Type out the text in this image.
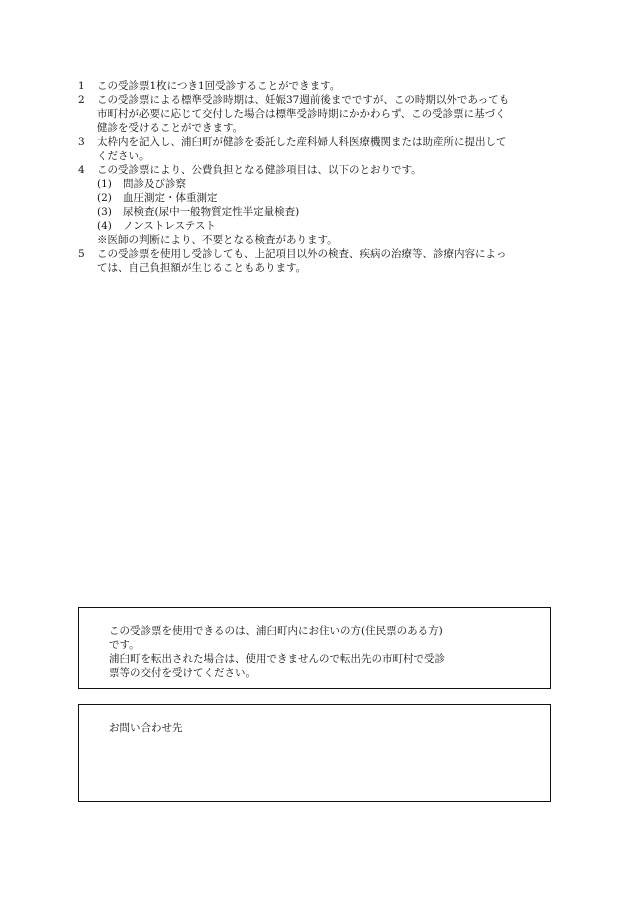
1	この受診票1枚につき1回受診することができます。
2	この受診票による標準受診時期は、妊娠37週前後までですが、この時期以外であっても
市町村が必要に応じて交付した場合は標準受診時期にかかわらず、この受診票に基づく
健診を受けることができます。
3	太枠内を記入し、浦臼町が健診を委託した産科婦人科医療機関または助産所に提出して
ください。
4	この受診票により、公費負担となる健診項目は、以下のとおりです。
(1)	問診及び診察
(2)	血圧測定・体重測定
(3)	尿検査(尿中一般物質定性半定量検査)
(4)	ノンストレステスト
※医師の判断により、不要となる検査があります。
5	この受診票を使用し受診しても、上記項目以外の検査、疾病の治療等、診療内容によっ
ては、自己負担額が生じることもあります。
この受診票を使用できるのは、浦臼町内にお住いの方(住民票のある方)
です。
浦臼町を転出された場合は、使用できませんので転出先の市町村で受診
票等の交付を受けてください。
お問い合わせ先
